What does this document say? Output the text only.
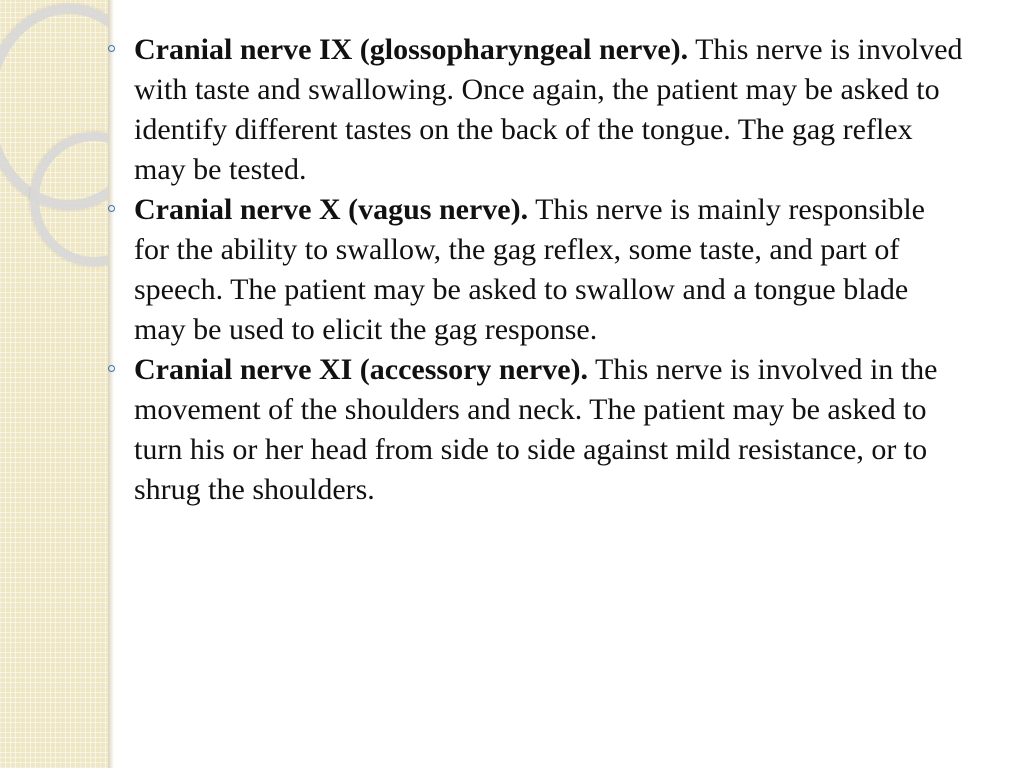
Cranial nerve IX (glossopharyngeal nerve). This nerve is involved with taste and swallowing. Once again, the patient may be asked to identify different tastes on the back of the tongue. The gag reflex may be tested.
Cranial nerve X (vagus nerve). This nerve is mainly responsible for the ability to swallow, the gag reflex, some taste, and part of speech. The patient may be asked to swallow and a tongue blade may be used to elicit the gag response.
Cranial nerve XI (accessory nerve). This nerve is involved in the movement of the shoulders and neck. The patient may be asked to turn his or her head from side to side against mild resistance, or to shrug the shoulders.
